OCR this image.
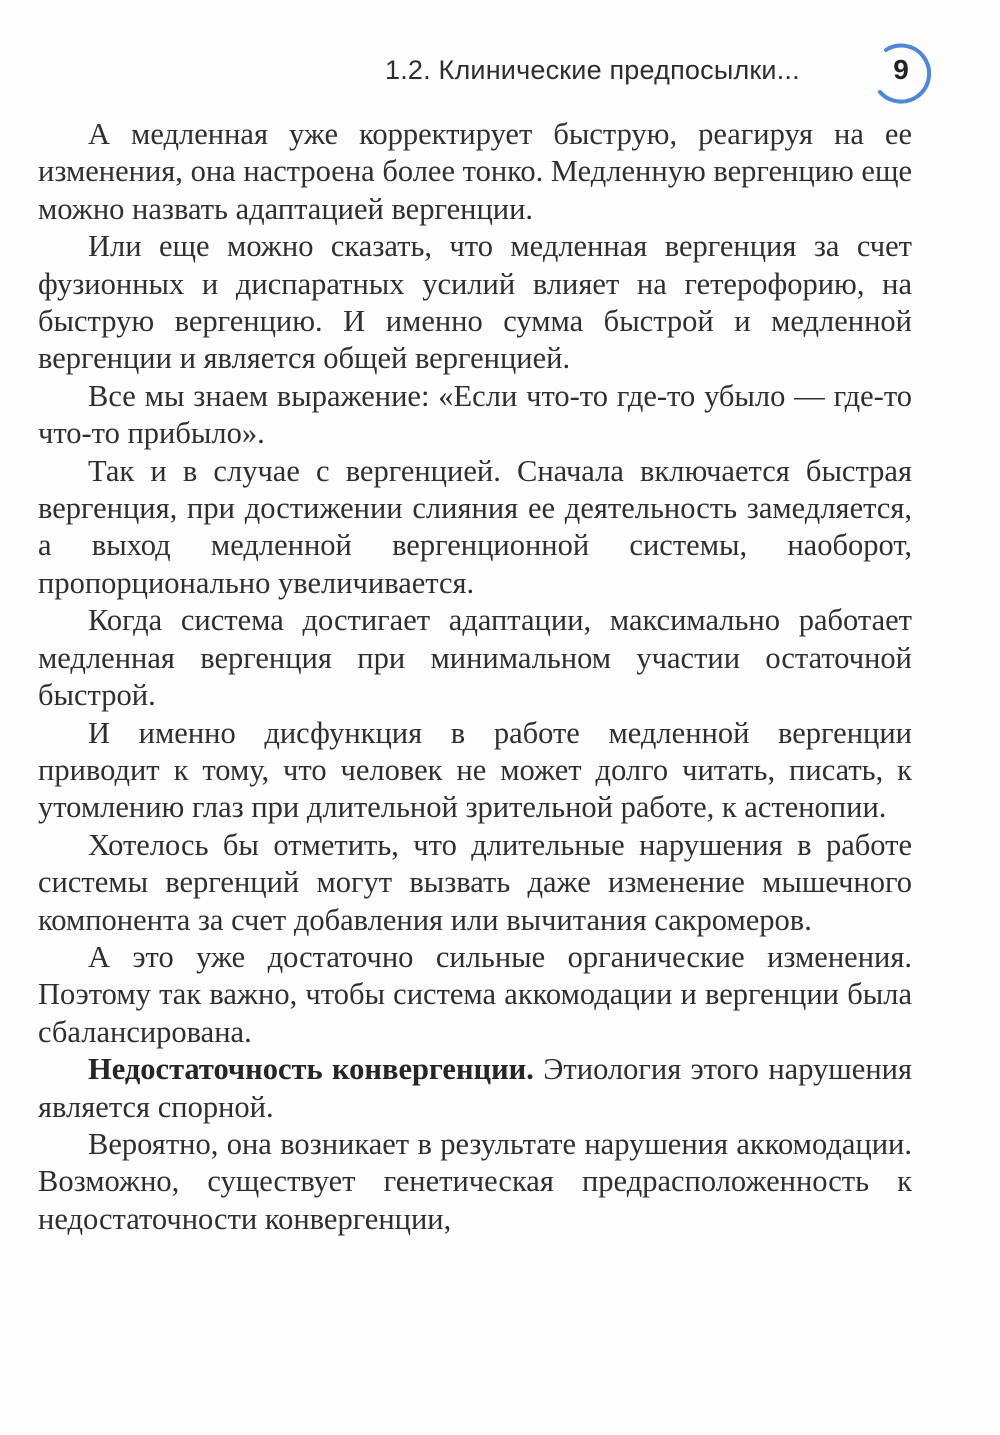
1.2. Клинические предпосылки...	9

А медленная уже корректирует быструю, реагируя на ее изменения, она настроена более тонко. Медленную вергенцию еще можно назвать адаптацией вергенции.

Или еще можно сказать, что медленная вергенция за счет фузионных и диспаратных усилий влияет на гетерофорию, на быструю вергенцию. И именно сумма быстрой и медленной вергенции и является общей вергенцией.

Все мы знаем выражение: «Если что-то где-то убыло — где-то что-то прибыло».

Так и в случае с вергенцией. Сначала включается быстрая вергенция, при достижении слияния ее деятельность замедляется, а выход медленной вергенционной системы, наоборот, пропорционально увеличивается.

Когда система достигает адаптации, максимально работает медленная вергенция при минимальном участии остаточной быстрой.

И именно дисфункция в работе медленной вергенции приводит к тому, что человек не может долго читать, писать, к утомлению глаз при длительной зрительной работе, к астенопии.

Хотелось бы отметить, что длительные нарушения в работе системы вергенций могут вызвать даже изменение мышечного компонента за счет добавления или вычитания сакромеров.

А это уже достаточно сильные органические изменения. Поэтому так важно, чтобы система аккомодации и вергенции была сбалансирована.

Недостаточность конвергенции. Этиология этого нарушения является спорной.

Вероятно, она возникает в результате нарушения аккомодации. Возможно, существует генетическая предрасположенность к недостаточности конвергенции,
